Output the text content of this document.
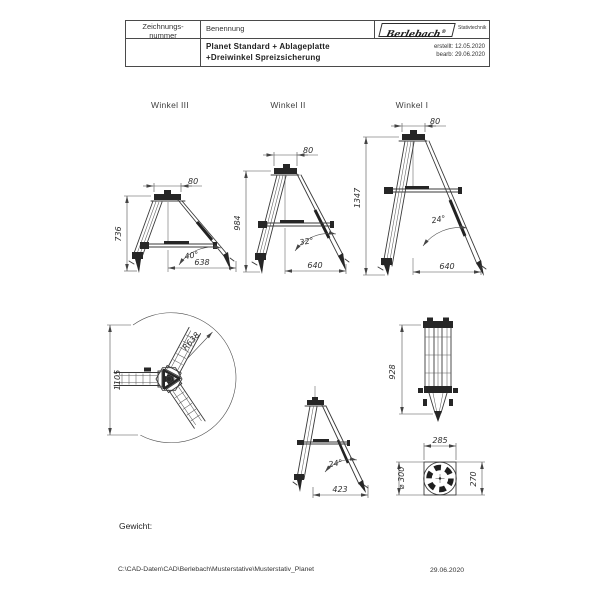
Zeichnungs-
nummer
Benennung
Planet Standard + Ablageplatte
+Dreiwinkel Spreizsicherung
Berlebach®
Stativtechnik
erstellt: 12.05.2020
bearb: 29.06.2020
Winkel III	Winkel II	Winkel I
80
736
638
40°
80
984
640
32°
80
1347
640
24°
R638
1105	928
24°
423
285
270
⌀ 300
Gewicht:
C:\CAD-Daten\CAD\Berlebach\Musterstative\Musterstativ_Planet	29.06.2020
